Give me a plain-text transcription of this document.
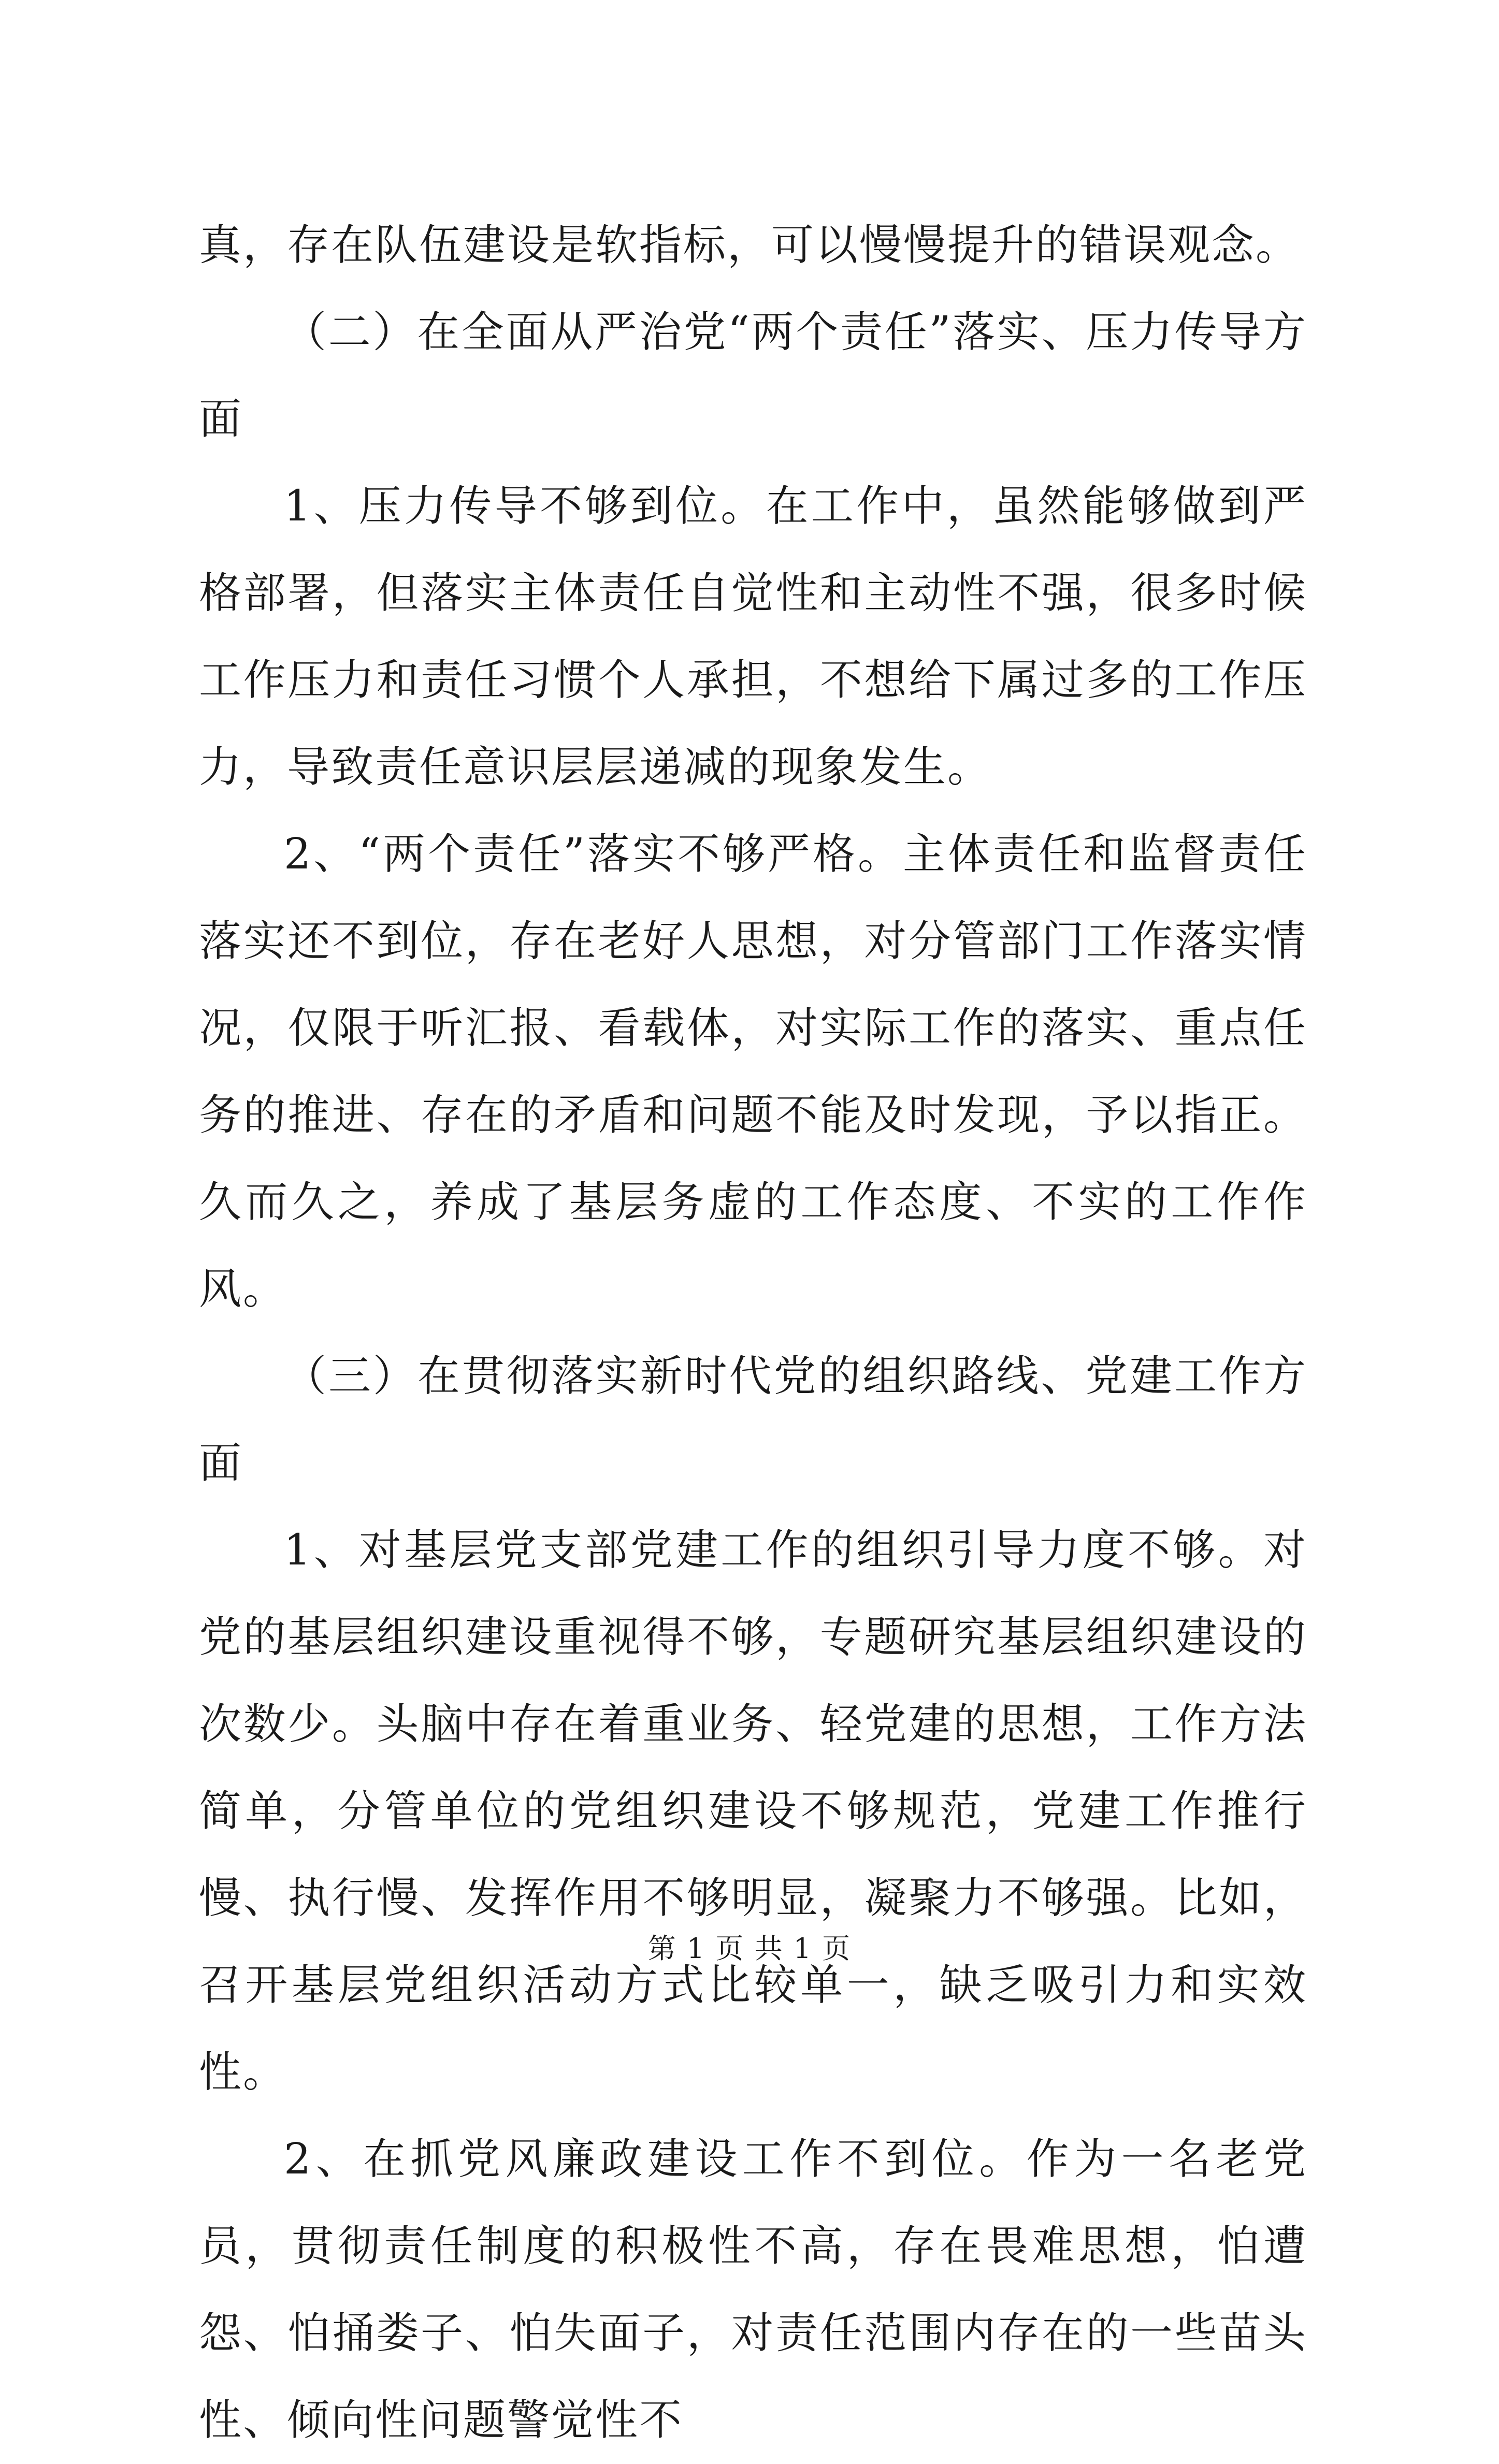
真，存在队伍建设是软指标，可以慢慢提升的错误观念。

（二）在全面从严治党“两个责任”落实、压力传导方面

1、压力传导不够到位。在工作中，虽然能够做到严格部署，但落实主体责任自觉性和主动性不强，很多时候工作压力和责任习惯个人承担，不想给下属过多的工作压力，导致责任意识层层递减的现象发生。

2、“两个责任”落实不够严格。主体责任和监督责任落实还不到位，存在老好人思想，对分管部门工作落实情况，仅限于听汇报、看载体，对实际工作的落实、重点任务的推进、存在的矛盾和问题不能及时发现，予以指正。久而久之，养成了基层务虚的工作态度、不实的工作作风。

（三）在贯彻落实新时代党的组织路线、党建工作方面

1、对基层党支部党建工作的组织引导力度不够。对党的基层组织建设重视得不够，专题研究基层组织建设的次数少。头脑中存在着重业务、轻党建的思想，工作方法简单，分管单位的党组织建设不够规范，党建工作推行慢、执行慢、发挥作用不够明显，凝聚力不够强。比如，召开基层党组织活动方式比较单一，缺乏吸引力和实效性。

2、在抓党风廉政建设工作不到位。作为一名老党员，贯彻责任制度的积极性不高，存在畏难思想，怕遭怨、怕捅娄子、怕失面子，对责任范围内存在的一些苗头性、倾向性问题警觉性不

第 1 页 共 1 页
